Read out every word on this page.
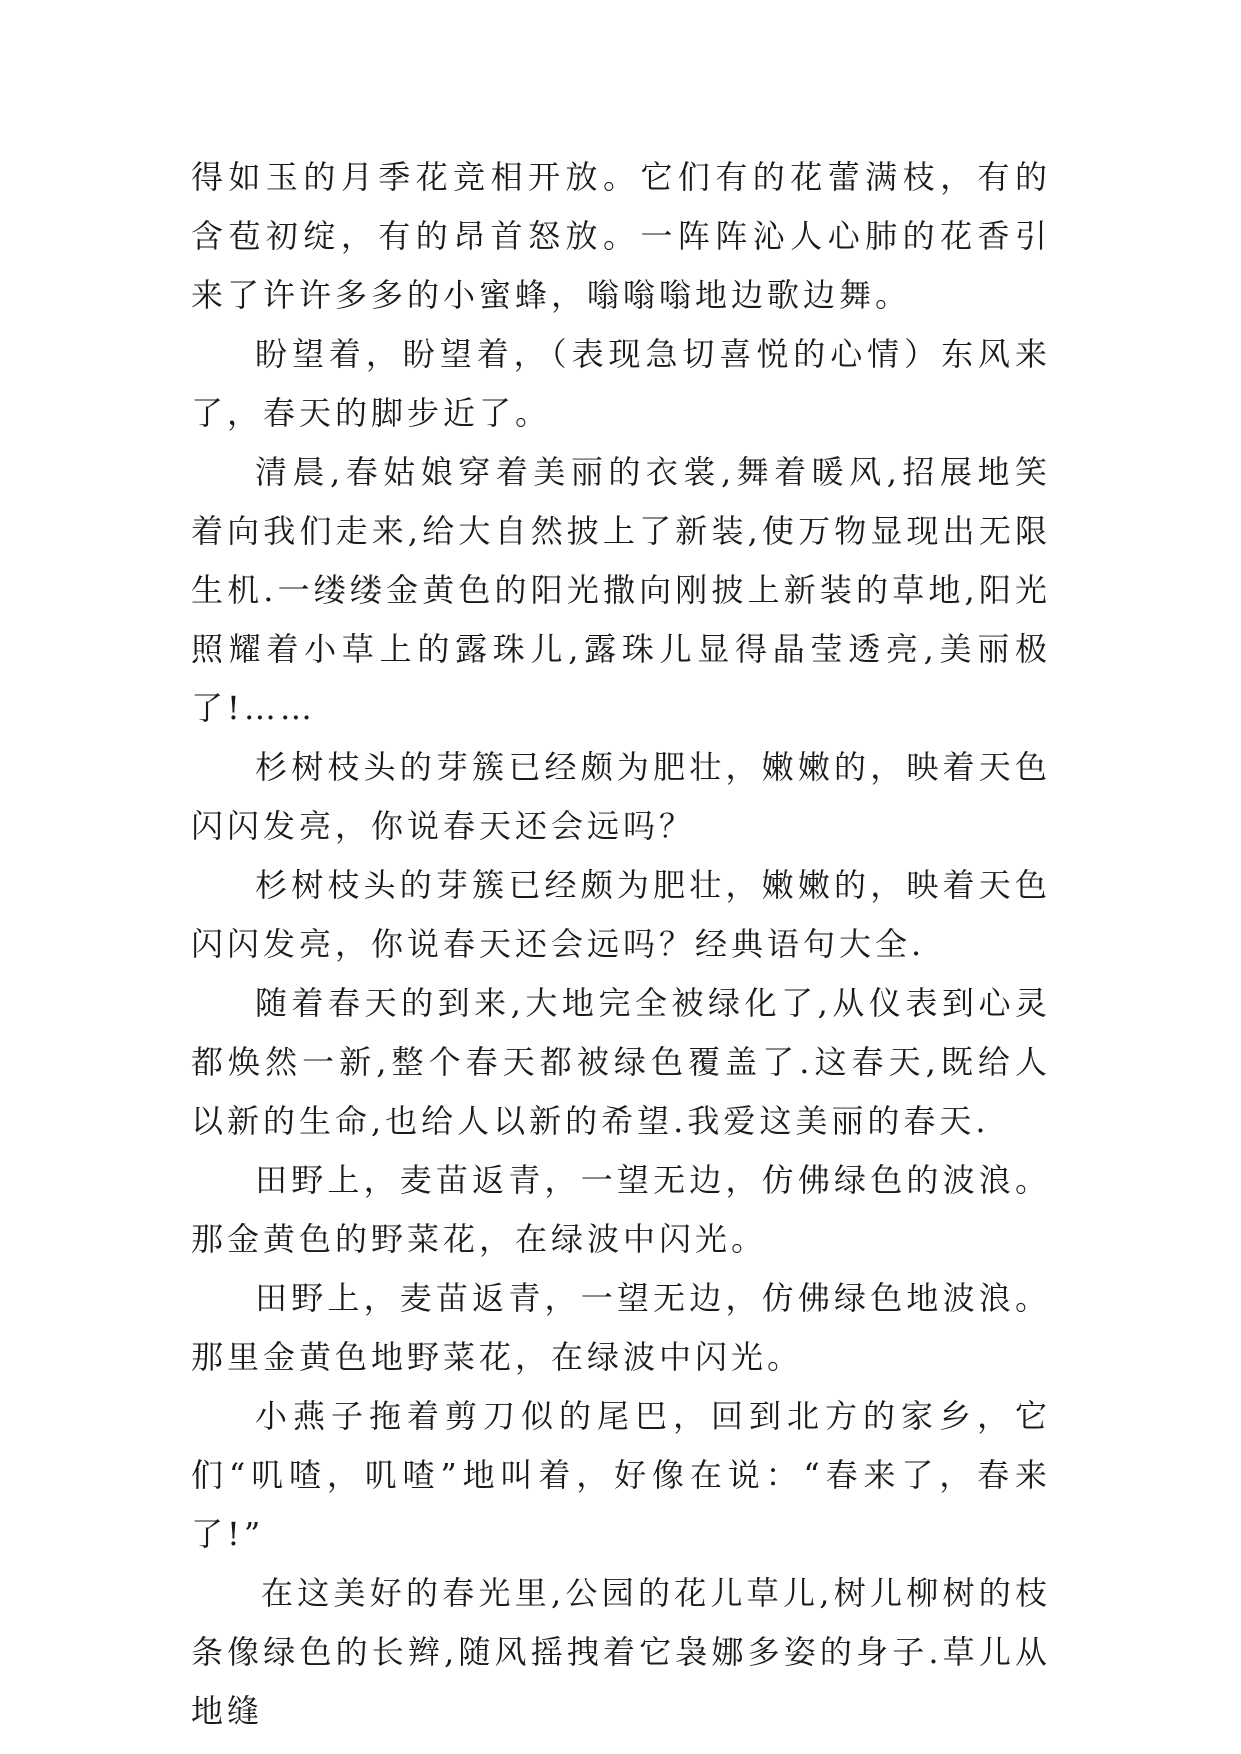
得如玉的月季花竞相开放。它们有的花蕾满枝，有的含苞初绽，有的昂首怒放。一阵阵沁人心肺的花香引来了许许多多的小蜜蜂，嗡嗡嗡地边歌边舞。

盼望着，盼望着，（表现急切喜悦的心情）东风来了，春天的脚步近了。

清晨,春姑娘穿着美丽的衣裳,舞着暖风,招展地笑着向我们走来,给大自然披上了新装,使万物显现出无限生机.一缕缕金黄色的阳光撒向刚披上新装的草地,阳光照耀着小草上的露珠儿,露珠儿显得晶莹透亮,美丽极了!……

杉树枝头的芽簇已经颇为肥壮，嫩嫩的，映着天色闪闪发亮，你说春天还会远吗？

杉树枝头的芽簇已经颇为肥壮，嫩嫩的，映着天色闪闪发亮，你说春天还会远吗？经典语句大全.

随着春天的到来,大地完全被绿化了,从仪表到心灵都焕然一新,整个春天都被绿色覆盖了.这春天,既给人以新的生命,也给人以新的希望.我爱这美丽的春天.

田野上，麦苗返青，一望无边，仿佛绿色的波浪。那金黄色的野菜花，在绿波中闪光。

田野上，麦苗返青，一望无边，仿佛绿色地波浪。那里金黄色地野菜花，在绿波中闪光。

小燕子拖着剪刀似的尾巴，回到北方的家乡，它们“叽喳，叽喳”地叫着，好像在说：“春来了，春来了!”

在这美好的春光里,公园的花儿草儿,树儿柳树的枝条像绿色的长辫,随风摇拽着它袅娜多姿的身子.草儿从地缝
